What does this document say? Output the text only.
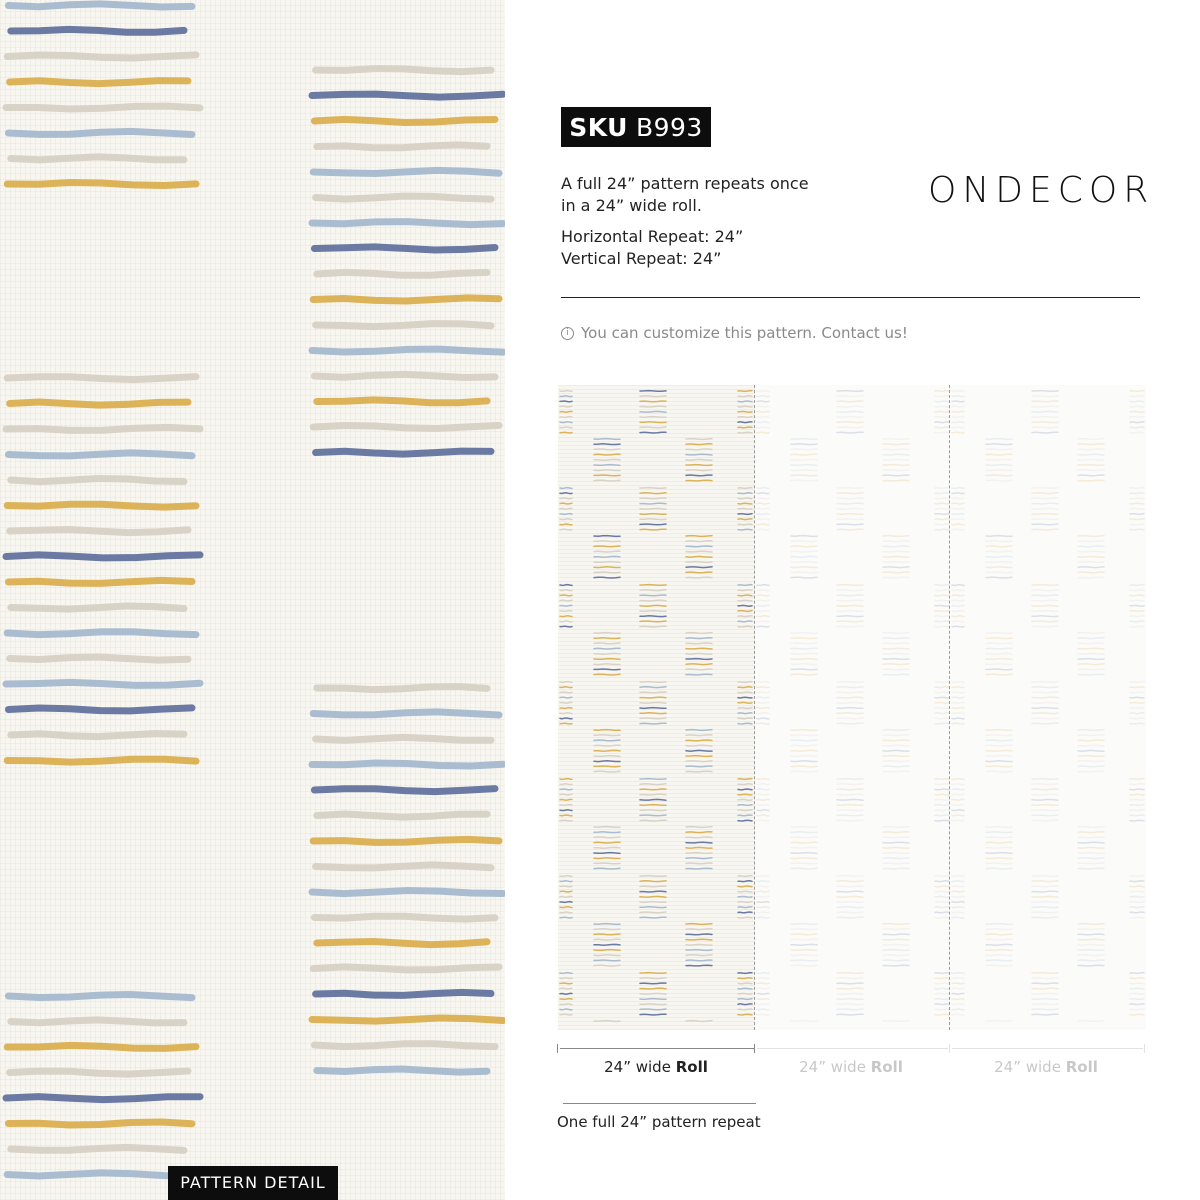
PATTERN DETAIL
SKU B993
A full 24” pattern repeats once
in a 24” wide roll.
Horizontal Repeat: 24”
Vertical Repeat: 24”
ONDECOR
i You can customize this pattern. Contact us!
24” wide Roll	24” wide Roll	24” wide Roll
One full 24” pattern repeat
